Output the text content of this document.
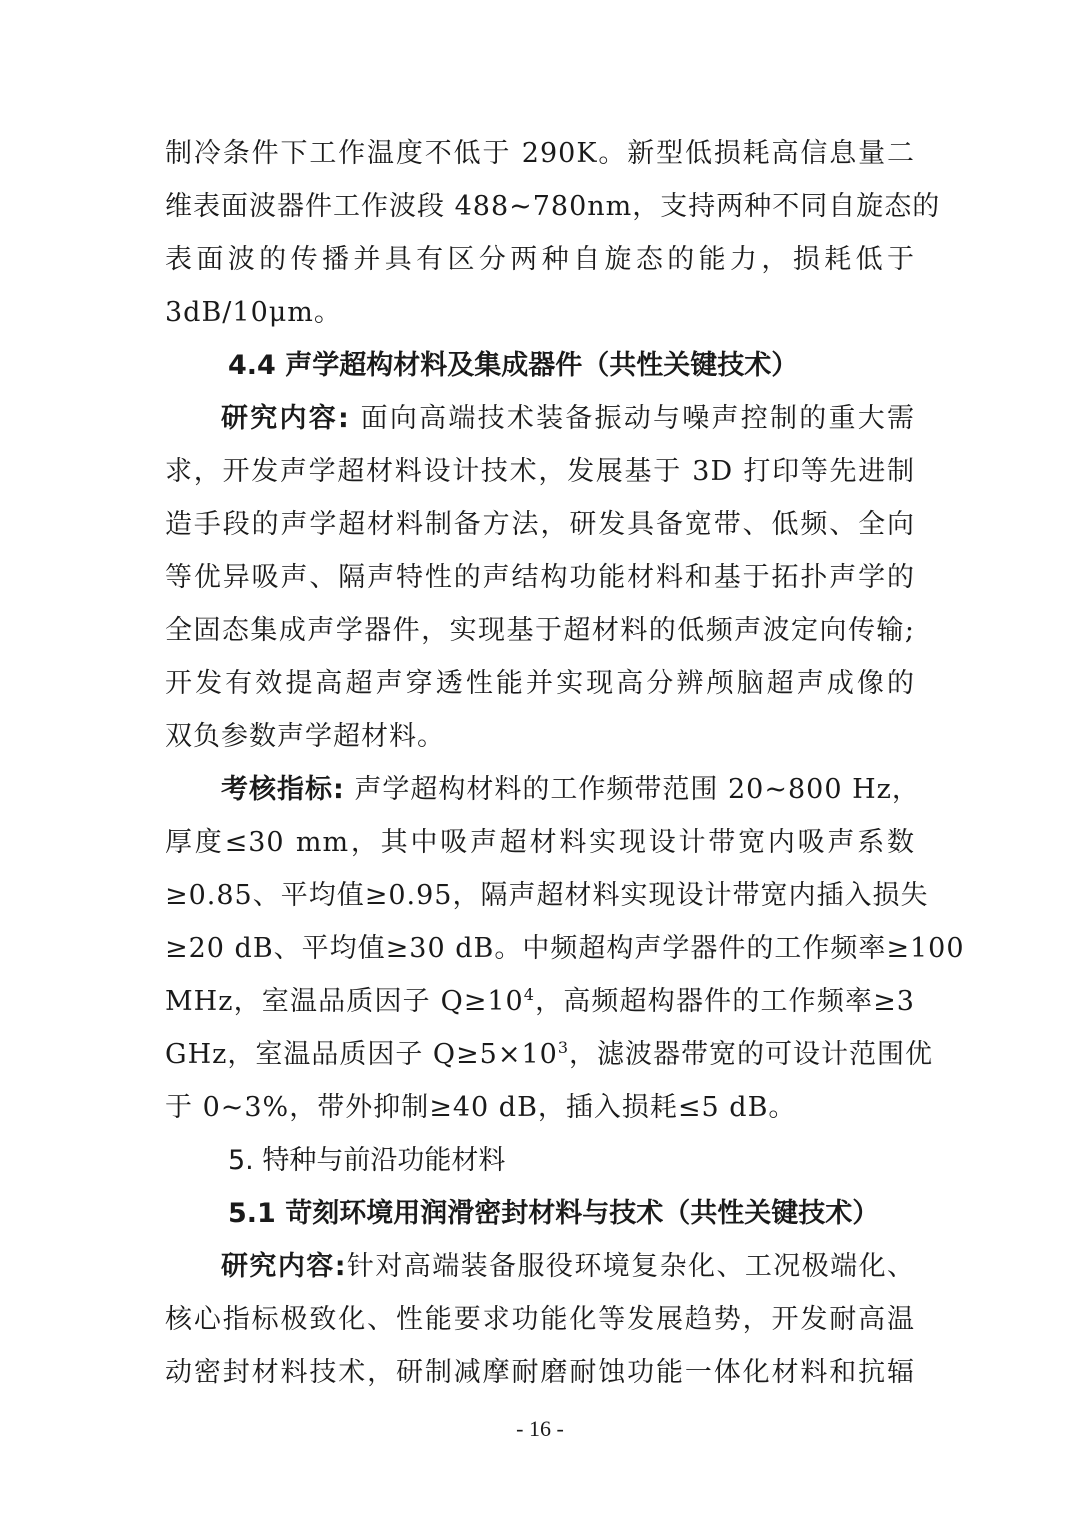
制冷条件下工作温度不低于 290K。新型低损耗高信息量二
维表面波器件工作波段 488~780nm，支持两种不同自旋态的
表面波的传播并具有区分两种自旋态的能力，损耗低于
3dB/10μm。
4.4 声学超构材料及集成器件（共性关键技术）
研究内容: 面向高端技术装备振动与噪声控制的重大需
求，开发声学超材料设计技术，发展基于 3D 打印等先进制
造手段的声学超材料制备方法，研发具备宽带、低频、全向
等优异吸声、隔声特性的声结构功能材料和基于拓扑声学的
全固态集成声学器件，实现基于超材料的低频声波定向传输;
开发有效提高超声穿透性能并实现高分辨颅脑超声成像的
双负参数声学超材料。
考核指标: 声学超构材料的工作频带范围 20~800 Hz，
厚度≤30 mm，其中吸声超材料实现设计带宽内吸声系数
≥0.85、平均值≥0.95，隔声超材料实现设计带宽内插入损失
≥20 dB、平均值≥30 dB。中频超构声学器件的工作频率≥100
MHz，室温品质因子 $Q\ge 10^4$，高频超构器件的工作频率≥3
GHz，室温品质因子 $Q\ge 5\times 10^3$，滤波器带宽的可设计范围优
于 0~3%，带外抑制≥40 dB，插入损耗≤5 dB。
5. 特种与前沿功能材料
5.1 苛刻环境用润滑密封材料与技术（共性关键技术）
研究内容:针对高端装备服役环境复杂化、工况极端化、
核心指标极致化、性能要求功能化等发展趋势，开发耐高温
动密封材料技术，研制减摩耐磨耐蚀功能一体化材料和抗辐
- 16 -
